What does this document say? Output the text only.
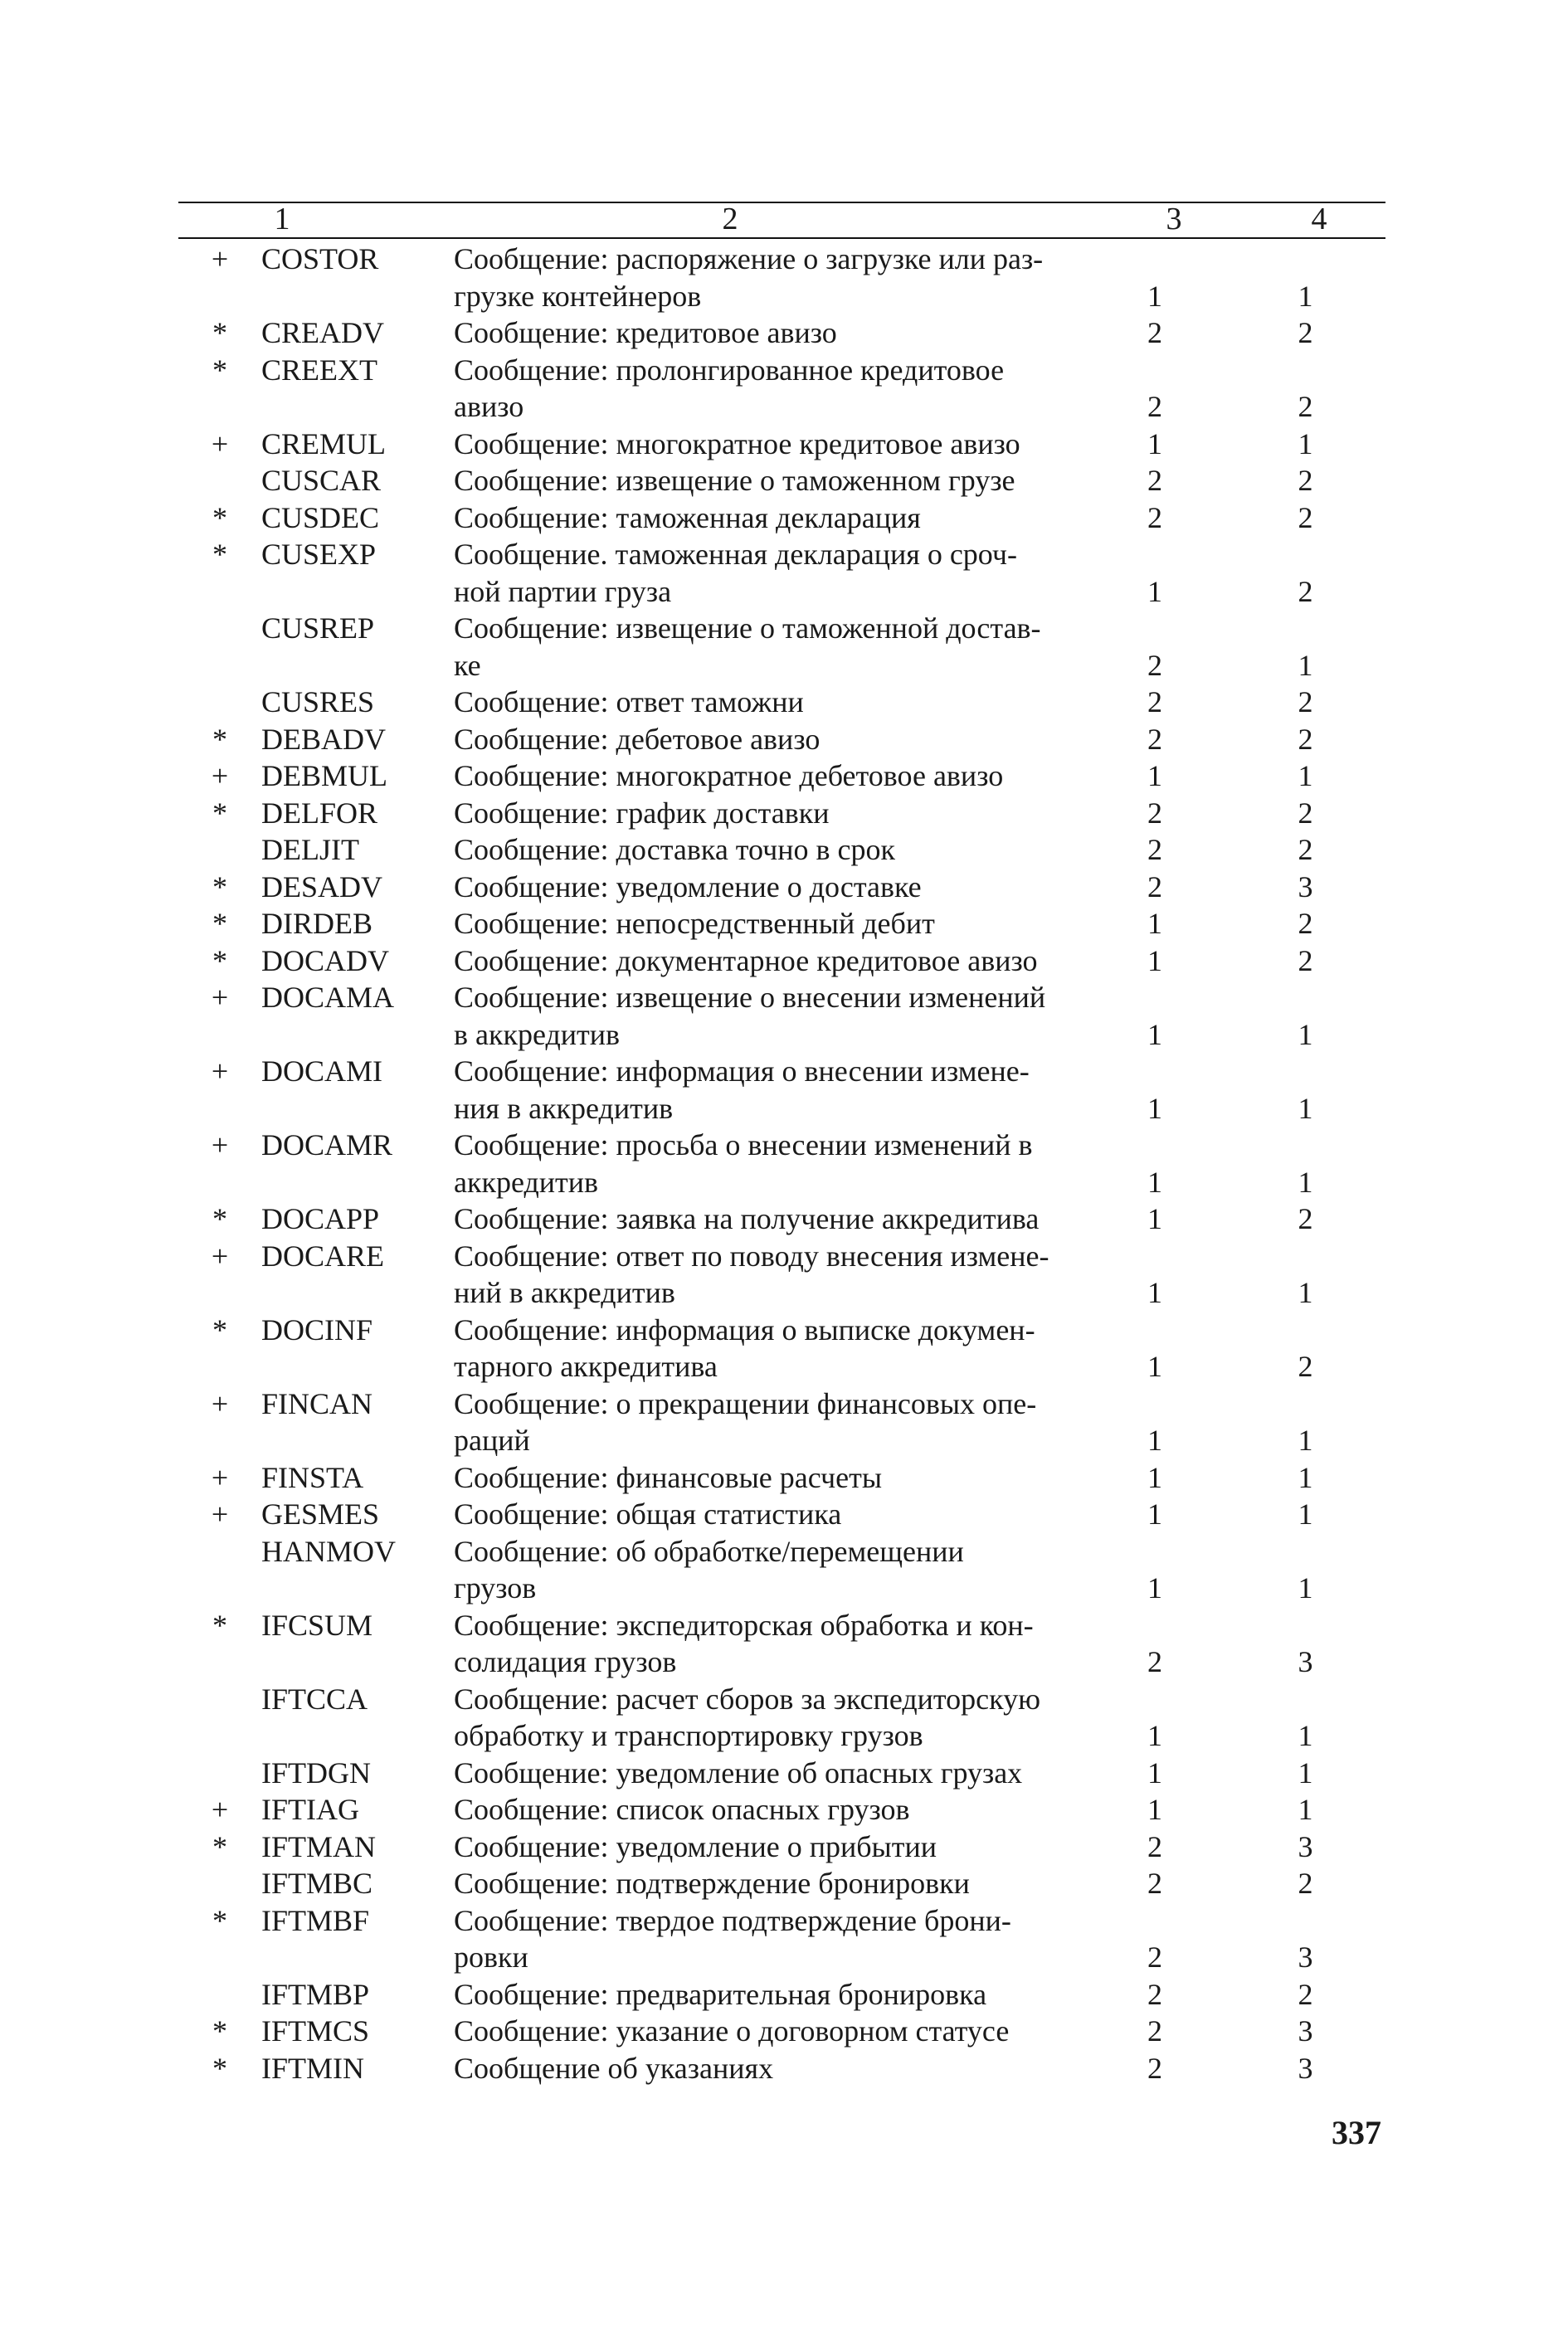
1	2	3	4
+	COSTOR	Сообщение: распоряжение о загрузке или раз-
грузке контейнеров	1	1
*	CREADV	Сообщение: кредитовое авизо	2	2
*	CREEXT	Сообщение: пролонгированное кредитовое
авизо	2	2
+	CREMUL	Сообщение: многократное кредитовое авизо	1	1
	CUSCAR	Сообщение: извещение о таможенном грузе	2	2
*	CUSDEC	Сообщение: таможенная декларация	2	2
*	CUSEXP	Сообщение. таможенная декларация о сроч-
ной партии груза	1	2
	CUSREP	Сообщение: извещение о таможенной достав-
ке	2	1
	CUSRES	Сообщение: ответ таможни	2	2
*	DEBADV	Сообщение: дебетовое авизо	2	2
+	DEBMUL	Сообщение: многократное дебетовое авизо	1	1
*	DELFOR	Сообщение: график доставки	2	2
	DELJIT	Сообщение: доставка точно в срок	2	2
*	DESADV	Сообщение: уведомление о доставке	2	3
*	DIRDEB	Сообщение: непосредственный дебит	1	2
*	DOCADV	Сообщение: документарное кредитовое авизо	1	2
+	DOCAMA	Сообщение: извещение о внесении изменений
в аккредитив	1	1
+	DOCAMI	Сообщение: информация о внесении измене-
ния в аккредитив	1	1
+	DOCAMR	Сообщение: просьба о внесении изменений в
аккредитив	1	1
*	DOCAPP	Сообщение: заявка на получение аккредитива	1	2
+	DOCARE	Сообщение: ответ по поводу внесения измене-
ний в аккредитив	1	1
*	DOCINF	Сообщение: информация о выписке докумен-
тарного аккредитива	1	2
+	FINCAN	Сообщение: о прекращении финансовых опе-
раций	1	1
+	FINSTA	Сообщение: финансовые расчеты	1	1
+	GESMES	Сообщение: общая статистика	1	1
	HANMOV	Сообщение: об обработке/перемещении
грузов	1	1
*	IFCSUM	Сообщение: экспедиторская обработка и кон-
солидация грузов	2	3
	IFTCCA	Сообщение: расчет сборов за экспедиторскую
обработку и транспортировку грузов	1	1
	IFTDGN	Сообщение: уведомление об опасных грузах	1	1
+	IFTIAG	Сообщение: список опасных грузов	1	1
*	IFTMAN	Сообщение: уведомление о прибытии	2	3
	IFTMBC	Сообщение: подтверждение бронировки	2	2
*	IFTMBF	Сообщение: твердое подтверждение брони-
ровки	2	3
	IFTMBP	Сообщение: предварительная бронировка	2	2
*	IFTMCS	Сообщение: указание о договорном статусе	2	3
*	IFTMIN	Сообщение об указаниях	2	3
337
